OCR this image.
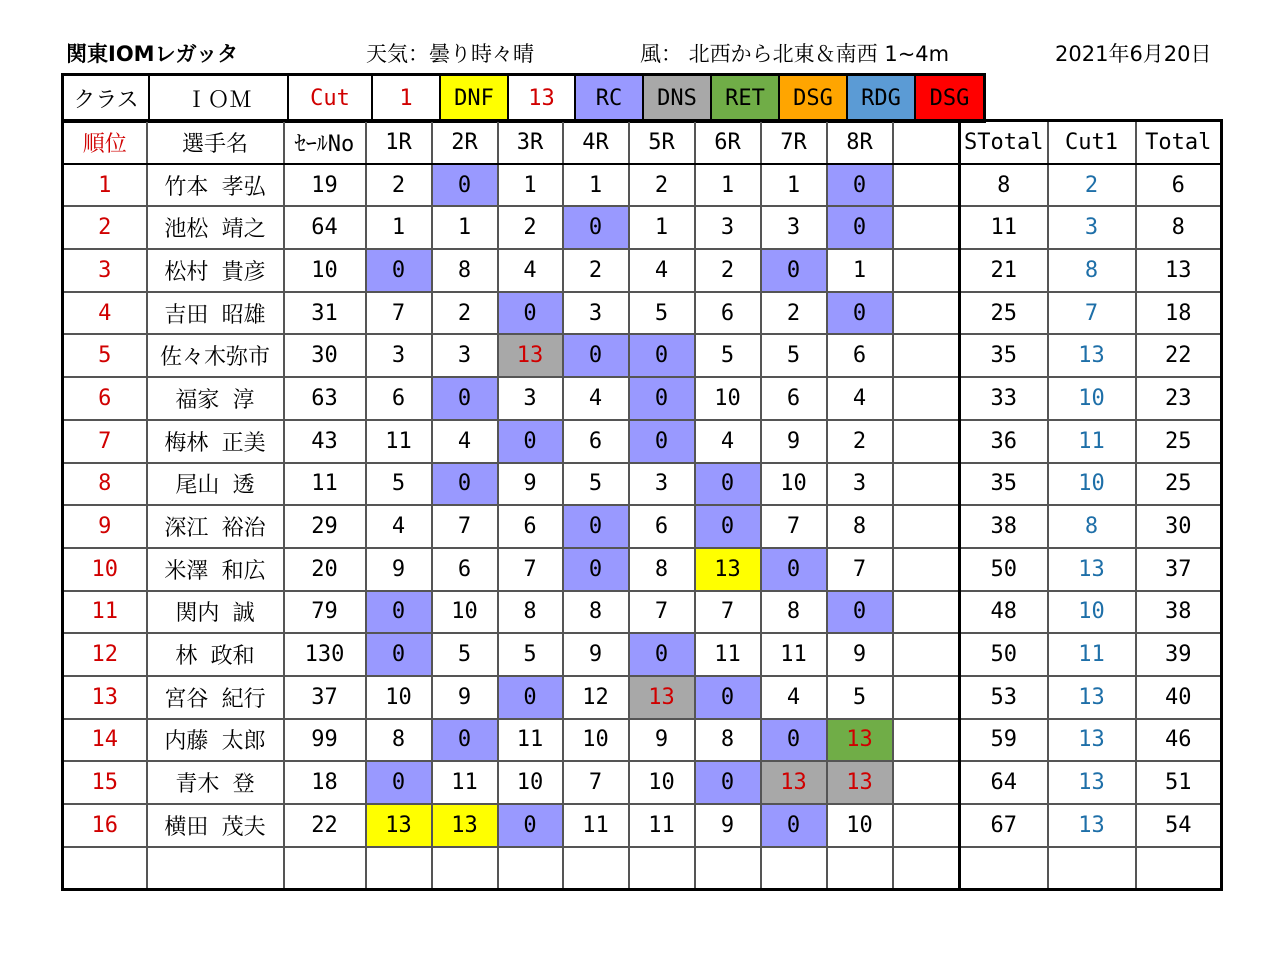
関東IOMレガッタ	天気：曇り時々晴	風： 北西から北東＆南西 1~4m	2021年6月20日
クラス	ＩＯＭ	Cut	1	DNF	13	RC	DNS	RET	DSG	RDG	DSG
順位	選手名	ｾｰﾙNo	1R	2R	3R	4R	5R	6R	7R	8R		STotal	Cut1	Total
1	竹本 孝弘	19	2	0	1	1	2	1	1	0		8	2	6
2	池松 靖之	64	1	1	2	0	1	3	3	0		11	3	8
3	松村 貴彦	10	0	8	4	2	4	2	0	1		21	8	13
4	吉田 昭雄	31	7	2	0	3	5	6	2	0		25	7	18
5	佐々木弥市	30	3	3	13	0	0	5	5	6		35	13	22
6	福家 淳	63	6	0	3	4	0	10	6	4		33	10	23
7	梅林 正美	43	11	4	0	6	0	4	9	2		36	11	25
8	尾山 透	11	5	0	9	5	3	0	10	3		35	10	25
9	深江 裕治	29	4	7	6	0	6	0	7	8		38	8	30
10	米澤 和広	20	9	6	7	0	8	13	0	7		50	13	37
11	関内 誠	79	0	10	8	8	7	7	8	0		48	10	38
12	林 政和	130	0	5	5	9	0	11	11	9		50	11	39
13	宮谷 紀行	37	10	9	0	12	13	0	4	5		53	13	40
14	内藤 太郎	99	8	0	11	10	9	8	0	13		59	13	46
15	青木 登	18	0	11	10	7	10	0	13	13		64	13	51
16	横田 茂夫	22	13	13	0	11	11	9	0	10		67	13	54
